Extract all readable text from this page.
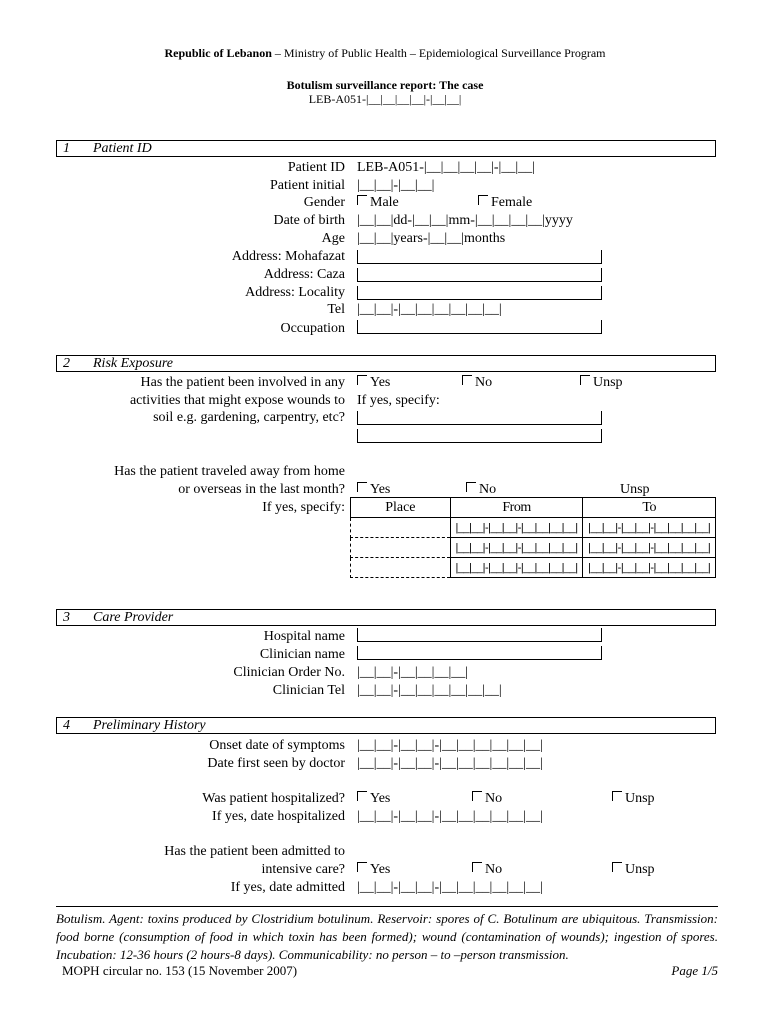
Republic of Lebanon – Ministry of Public Health – Epidemiological Surveillance Program
Botulism surveillance report: The case
LEB-A051-|__|__|__|__|-|__|__|
1 Patient ID
Patient ID LEB-A051-|__|__|__|__|-|__|__|
Patient initial |__|__|-|__|__|
Gender	Male	Female
Date of birth |__|__|dd-|__|__|mm-|__|__|__|__|yyyy
Age |__|__|years-|__|__|months
Address: Mohafazat
Address: Caza
Address: Locality
Tel |__|__|-|__|__|__|__|__|__|
Occupation
2 Risk Exposure
Has the patient been involved in any
activities that might expose wounds to
soil e.g. gardening, carpentry, etc?
Yes	No	Unsp
If yes, specify:
Has the patient traveled away from home
or overseas in the last month?
If yes, specify:
Yes	No	Unsp
Place	From	To
	|__|__|-|__|__|-|__|__|__|__|	|__|__|-|__|__|-|__|__|__|__|
	|__|__|-|__|__|-|__|__|__|__|	|__|__|-|__|__|-|__|__|__|__|
	|__|__|-|__|__|-|__|__|__|__|	|__|__|-|__|__|-|__|__|__|__|
3 Care Provider
Hospital name
Clinician name
Clinician Order No. |__|__|-|__|__|__|__|
Clinician Tel |__|__|-|__|__|__|__|__|__|
4 Preliminary History
Onset date of symptoms |__|__|-|__|__|-|__|__|__|__|__|__|
Date first seen by doctor |__|__|-|__|__|-|__|__|__|__|__|__|
Was patient hospitalized?	Yes	No	Unsp
If yes, date hospitalized |__|__|-|__|__|-|__|__|__|__|__|__|
Has the patient been admitted to
intensive care?	Yes	No	Unsp
If yes, date admitted |__|__|-|__|__|-|__|__|__|__|__|__|
Botulism. Agent: toxins produced by Clostridium botulinum. Reservoir: spores of C. Botulinum are ubiquitous. Transmission: food borne (consumption of food in which toxin has been formed); wound (contamination of wounds); ingestion of spores. Incubation: 12-36 hours (2 hours-8 days). Communicability: no person – to –person transmission.
MOPH circular no. 153 (15 November 2007)	Page 1/5
